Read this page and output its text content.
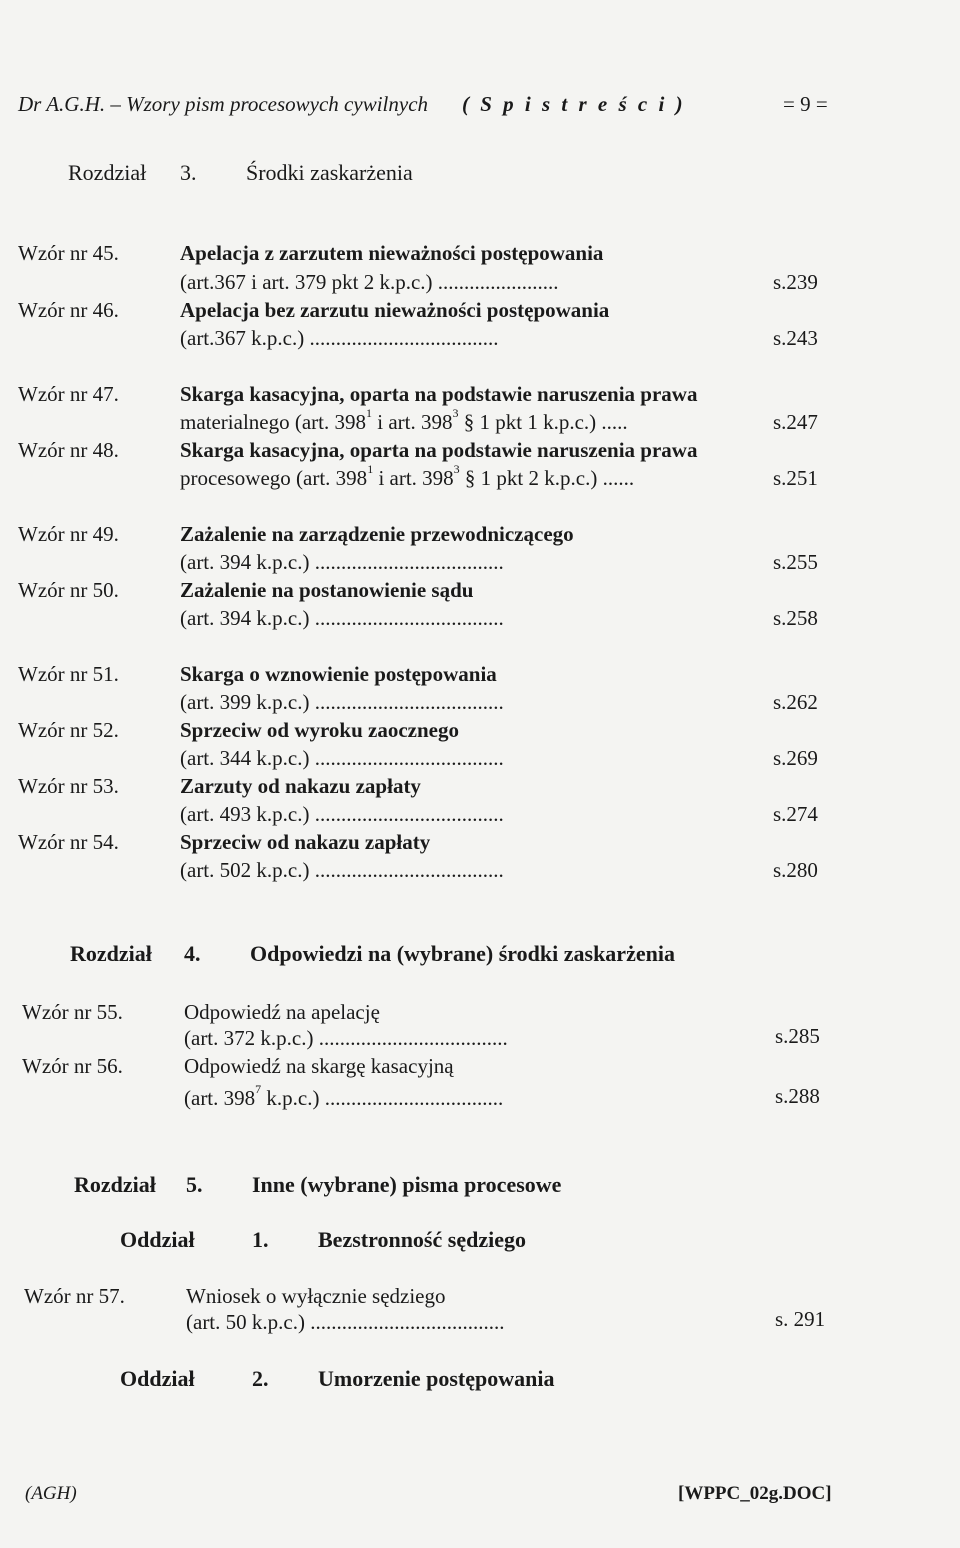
Dr A.G.H. – Wzory pism procesowych cywilnych ( S p i s t r e ś c i )	= 9 =
Rozdział 3. Środki zaskarżenia
Wzór nr 45.	Apelacja z zarzutem nieważności postępowania
(art.367 i art. 379 pkt 2 k.p.c.) .......................	s.239
Wzór nr 46.	Apelacja bez zarzutu nieważności postępowania
(art.367 k.p.c.) ....................................	s.243
Wzór nr 47.	Skarga kasacyjna, oparta na podstawie naruszenia prawa
materialnego (art. $398^1$ i art. $398^3$ § 1 pkt 1 k.p.c.) .....	s.247
Wzór nr 48.	Skarga kasacyjna, oparta na podstawie naruszenia prawa
procesowego (art. $398^1$ i art. $398^3$ § 1 pkt 2 k.p.c.) ......	s.251
Wzór nr 49.	Zażalenie na zarządzenie przewodniczącego
(art. 394 k.p.c.) ....................................	s.255
Wzór nr 50.	Zażalenie na postanowienie sądu
(art. 394 k.p.c.) ....................................	s.258
Wzór nr 51.	Skarga o wznowienie postępowania
(art. 399 k.p.c.) ....................................	s.262
Wzór nr 52.	Sprzeciw od wyroku zaocznego
(art. 344 k.p.c.) ....................................	s.269
Wzór nr 53.	Zarzuty od nakazu zapłaty
(art. 493 k.p.c.) ....................................	s.274
Wzór nr 54.	Sprzeciw od nakazu zapłaty
(art. 502 k.p.c.) ....................................	s.280
Rozdział 4. Odpowiedzi na (wybrane) środki zaskarżenia
Wzór nr 55.	Odpowiedź na apelację
(art. 372 k.p.c.) ....................................	s.285
Wzór nr 56.	Odpowiedź na skargę kasacyjną
(art. $398^7$ k.p.c.) ..................................	s.288
Rozdział 5. Inne (wybrane) pisma procesowe
Oddział	1. Bezstronność sędziego
Wzór nr 57.	Wniosek o wyłącznie sędziego
(art. 50 k.p.c.) .....................................	s. 291
Oddział	2. Umorzenie postępowania
(AGH)	[WPPC_02g.DOC]
